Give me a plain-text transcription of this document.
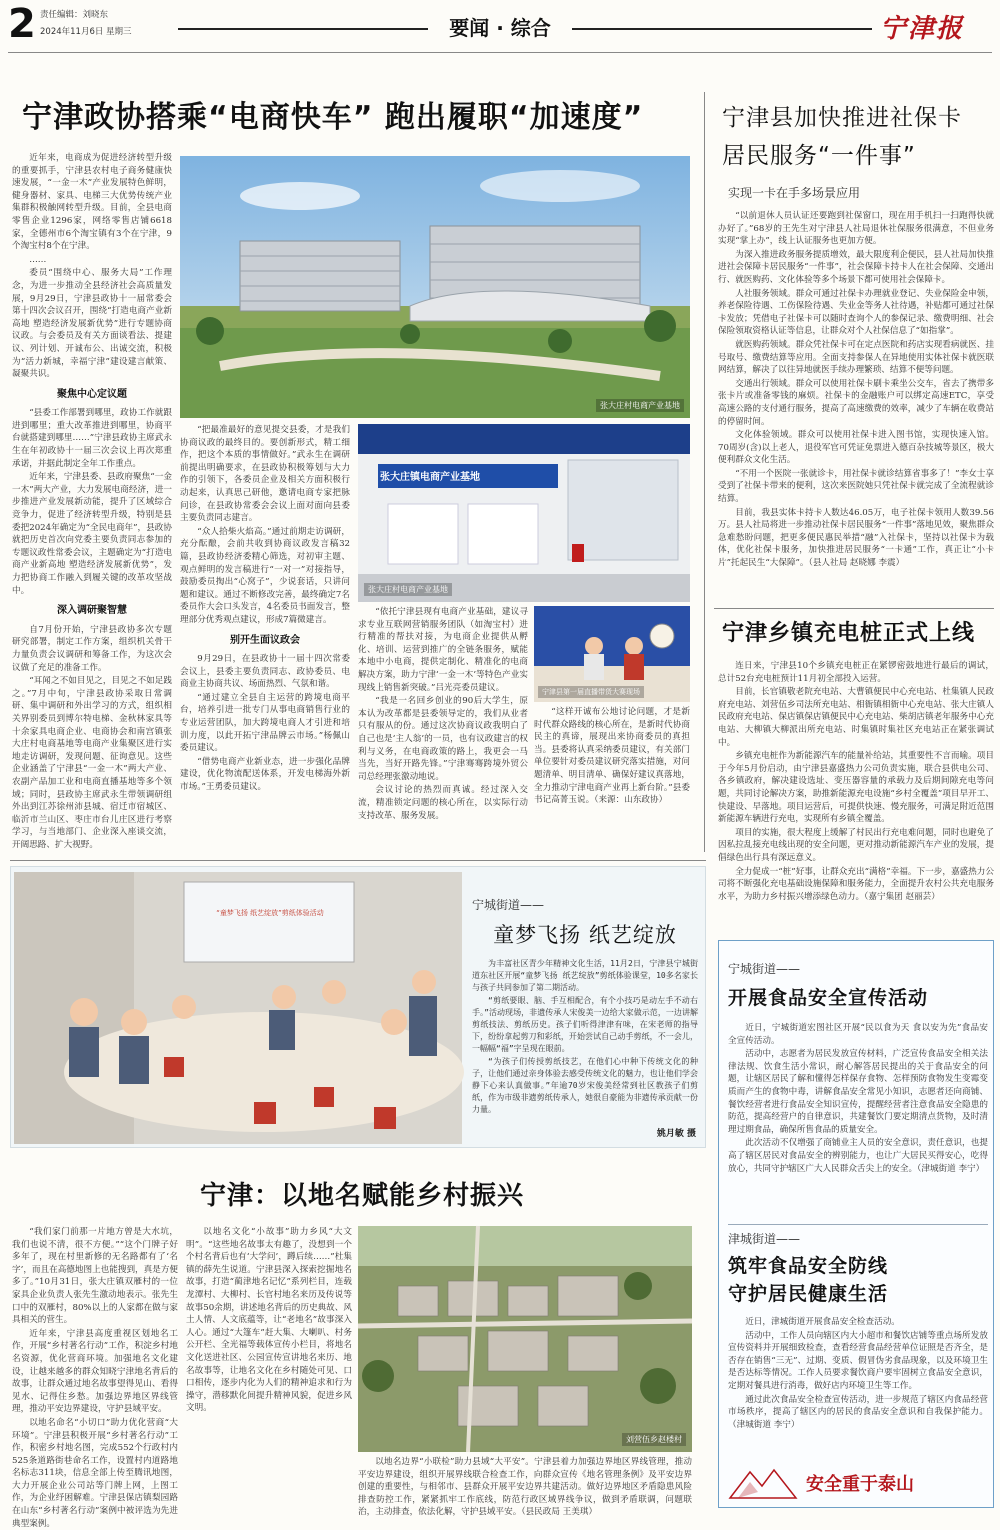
2 责任编辑：刘晓东
2024年11月6日 星期三	要闻 · 综合	宁津报
宁津政协搭乘“电商快车” 跑出履职“加速度”

近年来，电商成为促进经济转型升级的重要抓手，宁津县农村电子商务健康快速发展，“一金一木”产业发展特色鲜明，健身器材、家具、电梯三大优势传统产业集群积极触网转型升级。目前，全县电商零售企业1296家，网络零售店铺6618家，全德州市6个淘宝镇有3个在宁津，9个淘宝村8个在宁津。

……

委员“围绕中心、服务大局”工作理念，为进一步推动全县经济社会高质量发展，9月29日，宁津县政协十一届常委会第十四次会议召开，围绕“打造电商产业新高地 塑造经济发展新优势”进行专题协商议政。与会委员及有关方面谈看法、提建议、列计划、开诚布公、出诚交流，积极为“活力新城，幸福宁津”建设建言献策、凝聚共识。

聚焦中心定议题

“县委工作部署到哪里，政协工作就跟进到哪里；重大改革推进到哪里，协商平台就搭建到哪里……”宁津县政协主席武永生在年初政协十一届三次会议上再次郑重承诺，并据此制定全年工作重点。

近年来，宁津县委、县政府聚焦“一金一木”两大产业，大力发展电商经济，进一步推进产业发展新动能，提升了区域综合竞争力，促进了经济转型升级，特别是县委把2024年确定为“全民电商年”，县政协就把历史首次向党委主要负责同志参加的专题议政性常委会议，主题确定为“打造电商产业新高地 塑造经济发展新优势”，发力把协商工作融入到履关键的改革攻坚战中。

深入调研聚智慧

自7月份开始，宁津县政协多次专题研究部署，制定工作方案，组织机关骨干力量负责会议调研和筹备工作，为这次会议做了充足的准备工作。

“耳闻之不如目见之，目见之不如足践之。”7月中旬，宁津县政协采取日常调研、集中调研和外出学习的方式，组织相关界别委员到博尔特电梯、金秋林家具等十余家具电商企业、电商协会和南宫镇张大庄村电商基地等电商产业集聚区进行实地走访调研，发现问题、征询意见。这些企业涵盖了宁津县“一金一木”两大产业、农副产品加工业和电商直播基地等多个领域；同时，县政协主席武永生带领调研组外出到江苏徐州沛县城、宿迁市宿城区、临沂市兰山区、枣庄市台儿庄区进行考察学习，与当地部门、企业深入座谈交流，开阔思路、扩大视野。

张大庄村电商产业基地
张大庄镇电商产业基地
张大庄村电商产业基地

“把最准最好的意见提交县委，才是我们协商议政的最终目的。要创新形式，精工细作，把这个本质的事情做好。”武永生在调研前提出明确要求，在县政协积极筹划与大力作的引领下，各委员企业及相关方面积极行动起来，认真思己研他，邀请电商专家把脉问诊，在县政协常委会会议上面对面向县委主要负责同志建言。

“众人拾柴火焰高。”通过前期走访调研，充分酝酿，会前共收到协商议政发言稿32篇，县政协经济委精心筛选，对初审主题、观点鲜明的发言稿进行“一对一”对接指导，鼓励委员掏出“心窝子”，少说套话，只讲问题和建议。通过不断修改完善，最终确定7名委员作大会口头发言，4名委员书面发言，整理部分优秀观点建议，形成7篇微建言。

别开生面议政会

9月29日，在县政协十一届十四次常委会议上，县委主要负责同志、政协委员、电商业主协商共议、场面热烈、气氛和谐。

“通过建立全县自主运营的跨境电商平台，培养引进一批专门从事电商销售行业的专业运营团队，加大跨境电商人才引进和培训力度，以此开拓宁津品牌云市场。”杨佩山委员建议。

“借势电商产业新业态，进一步强化品牌建设，优化物流配送体系，开发电梯海外新市场。”王勇委员建议。

“依托宁津县现有电商产业基础，建议寻求专业互联网营销服务团队（如淘宝村）进行精准的帮扶对接，为电商企业提供从孵化、培训、运营到推广的全链条服务，赋能本地中小电商，提供定制化、精准化的电商解决方案，助力宁津‘一金一木’等特色产业实现线上销售新突破。”吕光亮委员建议。

“我是一名回乡创业的90后大学生，原本认为改革都是县委领导定的，我们从业者只有服从的份。通过这次协商议政我明白了自己也是‘主人翁’的一员，也有议政建言的权利与义务，在电商政策的路上，我更会一马当先，当好开路先锋。”宁津骞骞跨境外贸公司总经理张激动地说。

会议讨论的热烈而真诚。经过深入交流，精准锁定问题的核心所在，以实际行动支持改革、服务发展。

宁津县第一届直播带货大赛现场

“这样开诚布公地讨论问题，才是新时代群众路线的核心所在，是新时代协商民主的真谛，展现出来协商委员的真担当。县委将认真采纳委员建议，有关部门单位要针对委员建议研究落实措施，对问题清单、明目清单、确保好建议真落地，全力推动宁津电商产业再上新台阶。”县委书记高菁玉说。（来源：山东政协）

宁津县加快推进社保卡
居民服务“一件事”
实现一卡在手多场景应用

“以前退休人员认证还要跑到社保窗口，现在用手机扫一扫跑得快就办好了。”68岁的王先生对宁津县人社局退休社保服务很满意，不但业务实现“掌上办”，线上认证服务也更加方便。

为深入推进政务服务提质增效，最大限度利企便民，县人社局加快推进社会保障卡居民服务“一件事”，社会保障卡持卡人在社会保障、交通出行、就医购药、文化体验等多个场景下都可使用社会保障卡。

人社服务领域。群众可通过社保卡办理就业登记、失业保险金申领，养老保险待遇、工伤保险待遇、失业金等务人社待遇，补贴都可通过社保卡发放；凭借电子社保卡可以随时查询个人的参保记录、缴费明细、社会保险领取资格认证等信息，让群众对个人社保信息了“如指掌”。

就医购药领域。群众凭社保卡可在定点医院和药店实现看病就医、挂号取号、缴费结算等应用。全面支持参保人在异地使用实体社保卡就医联网结算，解决了以往异地就医手续办理繁琐、结算不便等问题。

交通出行领域。群众可以使用社保卡刷卡乘坐公交车，省去了携带多张卡片或准备零钱的麻烦。社保卡的金融账户可以绑定高速ETC，享受高速公路的支付通行服务，提高了高速缴费的效率，减少了车辆在收费站的停留时间。

文化体验领域。群众可以使用社保卡进入图书馆，实现快速入馆。70周岁(含)以上老人，退役军官可凭证免票进入德百杂技城等景区，极大便利群众文化生活。

“不用一个医院一张就诊卡，用社保卡就诊结算省事多了！”李女士享受到了社保卡带来的便利，这次来医院她只凭社保卡就完成了全流程就诊结算。

目前，我县实体卡持卡人数达46.05万，电子社保卡领用人数39.56万。县人社局将进一步推动社保卡居民服务“一件事”落地见效，聚焦群众急难愁盼问题，把更多便民惠民举措“融”入社保卡，坚持以社保卡为载体，优化社保卡服务，加快推进居民服务“一卡通”工作，真正让“小卡片”托起民生“大保障”。（县人社局 赵晓娜 李震）

宁津乡镇充电桩正式上线

连日来，宁津县10个乡镇充电桩正在紧锣密鼓地进行最后的调试，总计52台充电桩预计11月初全部投入运营。

目前，长官镇敬老院充电站、大曹镇便民中心充电站、杜集镇人民政府充电站、刘营伍乡司法所充电站、相衙镇相衙中心充电站、张大庄镇人民政府充电站、保店镇保店镇便民中心充电站、柴胡店镇老年服务中心充电站、大柳镇大柳派出所充电站、时集镇时集社区充电站正在紧张调试中。

乡镇充电桩作为新能源汽车的能量补给站，其重要性不言而喻。项目于今年5月份启动，由宁津县嘉盛热力公司负责实施，联合县供电公司、各乡镇政府，解决建设选址、变压器容量的承载力及后期间隙充电等问题，共同讨论解决方案，助推新能源充电设施“乡村全覆盖”项目早开工、快建设、早落地。项目运营后，可提供快速、慢充服务，可满足附近范围新能源车辆进行充电，实现所有乡镇全覆盖。

项目的实施，很大程度上缓解了村民出行充电难问题，同时也避免了因私拉乱接充电线出现的安全问题，更对推动新能源汽车产业的发展，提倡绿色出行具有深远意义。

全力促成一“桩”好事，让群众充出“满格”幸福。下一步，嘉盛热力公司将不断强化充电基础设施保障和服务能力，全面提升农村公共充电服务水平，为助力乡村振兴增添绿色动力。（嘉宁集团 赵丽芸）

“童梦飞扬 纸艺绽放”剪纸体验活动
宁城街道——
童梦飞扬 纸艺绽放

为丰富社区青少年精神文化生活，11月2日，宁津县宁城街道东社区开展“童梦飞扬 纸艺绽放”剪纸体验课堂，10多名家长与孩子共同参加了第二期活动。

“剪纸要眼、脑、手互相配合，有个小技巧是动左手不动右手。”活动现场，非遗传承人宋俊美一边给大家做示范，一边讲解剪纸技法、剪纸历史。孩子们听得津津有味，在宋老师的指导下，纷纷拿起剪刀和彩纸，开始尝试自己动手剪纸，不一会儿，一幅幅“福”字呈现在眼前。

“为孩子们传授剪纸技艺，在他们心中种下传统文化的种子，让他们通过亲身体验去感受传统文化的魅力，也让他们学会静下心来认真做事。”年逾70岁宋俊美经常到社区教孩子们剪纸，作为市级非遗剪纸传承人，她很自豪能为非遗传承贡献一份力量。

姚月敏 摄
宁津：以地名赋能乡村振兴

“我们家门前那一片地方曾是大水坑，我们也说不清，很不方便。”“这个门牌子好多年了，现在村里新修的无名路都有了‘名字’，而且在高德地图上也能搜到，真是方便多了。”10月31日，张大庄镇双雁村的一位家具企业负责人张先生激动地表示。张先生口中的双雁村，80%以上的人家都在做与家具相关的营生。

近年来，宁津县高度重视区划地名工作，开展“乡村著名行动”工作，积淀乡村地名资源，优化营商环境。加强地名文化建设，让越来越多的群众知晓宁津地名背后的故事，让群众通过地名故事望得见山、看得见水、记得住乡愁。加强边界地区界线管理，推动平安边界建设，守护县域平安。

以地名命名“小切口”助力优化营商“大环境”。宁津县积极开展“乡村著名行动”工作，积密乡村地名图，完成552个行政村内525条道路街巷命名工作，设置村内道路地名标志311块，信息全部上传至腾讯地图，大力开展企业公司站等门牌上网，上图工作，为企业纾困解难。宁津县保店镇梨园路在山东“乡村著名行动”案例中被评选为先进典型案例。

以地名文化“小故事”助力乡风“大文明”。“这些地名故事太有趣了，没想到一个个村名背后也有‘大学问’，蹲后续……”杜集镇的薛先生说道。宁津县深入探索挖掘地名故事，打造“蔺津地名记忆”系列栏目，连载龙潭村、大柳村、长官村地名来历及传说等故事50余期，讲述地名背后的历史典故、风土人情、人文底蕴等，让“老地名”故事深入人心。通过“大篷车”赶大集、大喇叭、村务公开栏、全光福等载体宣传小栏目，将地名文化送进社区、公园宣传宣讲地名来历、地名故事等，让地名文化在乡村随处可见、口口相传，逐步内化为人们的精神追求和行为操守，潜移默化间提升精神风貌，促进乡风文明。

刘营伍乡赵楼村

以地名边界“小联检”助力县域“大平安”。宁津县着力加强边界地区界线管理，推动平安边界建设，组织开展界线联合检查工作，向群众宣传《地名管理条例》及平安边界创建的重要性，与相邻市、县群众开展平安边界共建活动。做好边界地区矛盾隐患风险排查防控工作，紧紧抓牢工作底线，防范行政区域界线争议，做到矛盾联调，问题联治，主动排查，依法化解，守护县域平安。（县民政局 王美琪）

宁城街道——
开展食品安全宣传活动

近日，宁城街道宏图社区开展“民以食为天 食以安为先”食品安全宣传活动。

活动中，志愿者为居民发放宣传材料，广泛宣传食品安全相关法律法规、饮食生活小常识，耐心解答居民提出的关于食品安全的问题，让辖区居民了解和懂得怎样保存食物、怎样预防食物发生变霉变质而产生的食物中毒，讲解食品安全常见小知识，志愿者还向商铺、餐饮经营者进行食品安全知识宣传，提醒经营者注意食品安全隐患的防范，提高经营户的自律意识，共建餐饮门要定期清点货物，及时清理过期食品，确保所售食品的质量安全。

此次活动不仅增强了商铺业主人员的安全意识，责任意识，也提高了辖区居民对食品安全的辨别能力，也让广大居民买得安心，吃得放心，共同守护辖区广大人民群众舌尖上的安全。（津城街道 李宁）

津城街道——
筑牢食品安全防线
守护居民健康生活

近日，津城街道开展食品安全检查活动。

活动中，工作人员向辖区内大小超市和餐饮店铺等重点场所发放宣传资料并开展细致检查，查看经营食品经营单位证照是否齐全，是否存在销售“三无”、过期、变质、假冒伪劣食品现象，以及环境卫生是否达标等情况。工作人员要求餐饮商户要牢固树立食品安全意识，定期对餐具进行消毒，做好店内环境卫生等工作。

通过此次食品安全检查宣传活动，进一步规范了辖区内食品经营市场秩序，提高了辖区内的居民的食品安全意识和自我保护能力。（津城街道 李宁）

安全重于泰山
